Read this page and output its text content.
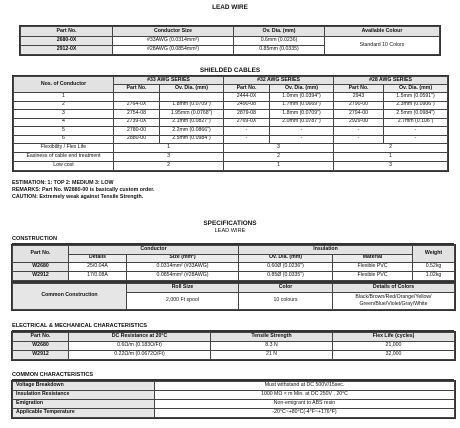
LEAD WIRE
Part No.	Conductor Size	Ov. Dia. (mm)	Available Colour
2680-0X	#33AWG (0.0314mm²)	0.6mm (0.0236)	Standard 10 Colors
2912-0X	#28AWG (0.0854mm²)	0.85mm (0.0335)	
SHIELDED CABLES
Nos. of Conductor	#33 AWG SERIES		#32 AWG SERIES		#28 AWG SERIES	
	Part No.	Ov. Dia. (mm)	Part No.	Ov. Dia. (mm)	Part No.	Ov. Dia. (mm)
1			2444-0X	1.0mm (0.0394")	2943	1.5mm (0.0591")
2	2764-0X	1.8mm (0.0709")	2490-08	1.7mm (0.0669")	2790-00	2.3mm (0.0906")
3	2754-08	1.95mm (0.0768")	2879-08	1.8mm (0.0709")	2794-00	2.5mm (0.0984")
4	2739-0X	2.1mm (0.0827")	2769-0X	2.0mm (0.0787")	2929-00	2.7mm (0.106")
5	2780-00	2.2mm (0.0866")	-	-	-	-
6	2880-00	2.5mm (0.0984")	-	-	-	-
Flexibility / Flex Life	1		3		2	
Easiness of cable end treatment	3		2		1	
Low cost	2		1		3	
ESTIMATION: 1: TOP 2: MEDIUM 3: LOW
REMARKS: Part No. W2880-00 is basically custom order.
CAUTION: Extremely weak against Tensile Strength.
SPECIFICATIONS
LEAD WIRE
CONSTRUCTION
Part No.	Conductor		Insulation		Weight
	Details	Size (mm²)	Ov. Dia. (mm)	Material	
W2680	25/0.04A	0.0314mm² (#33AWG)	0.60Ø (0.0236")	Flexible PVC	0.52kg
W2912	17/0.08A	0.0854mm² (#28AWG)	0.85Ø (0.0335")	Flexible PVC	1.02kg
Common Construction	Roll Size	Color	Details of Colors
	2,000 Ft spool	10 colours	Black/Brown/Red/Orange/Yellow/ Green/Blue/Violet/Gray/White
ELECTRICAL & MECHANICAL CHARACTERISTICS
Part No.	DC Resistance at 20°C	Tensile Strength	Flex Life (cycles)
W2680	0.6Ω/m (0.183Ω/Ft)	8.3 N	21,000
W2912	0.22Ω/m (0.0672Ω/Ft)	21 N	32,000
COMMON CHARACTERISTICS
Voltage Breakdown	Must withstand at DC 500V/15sec.
Insulation Resistance	1000 MΩ × m Min. at DC 250V , 20°C
Emigration	Non-emigrant to ABS resin
Applicable Temperature	-20°C~+80°C(-4°F~+176°F)
